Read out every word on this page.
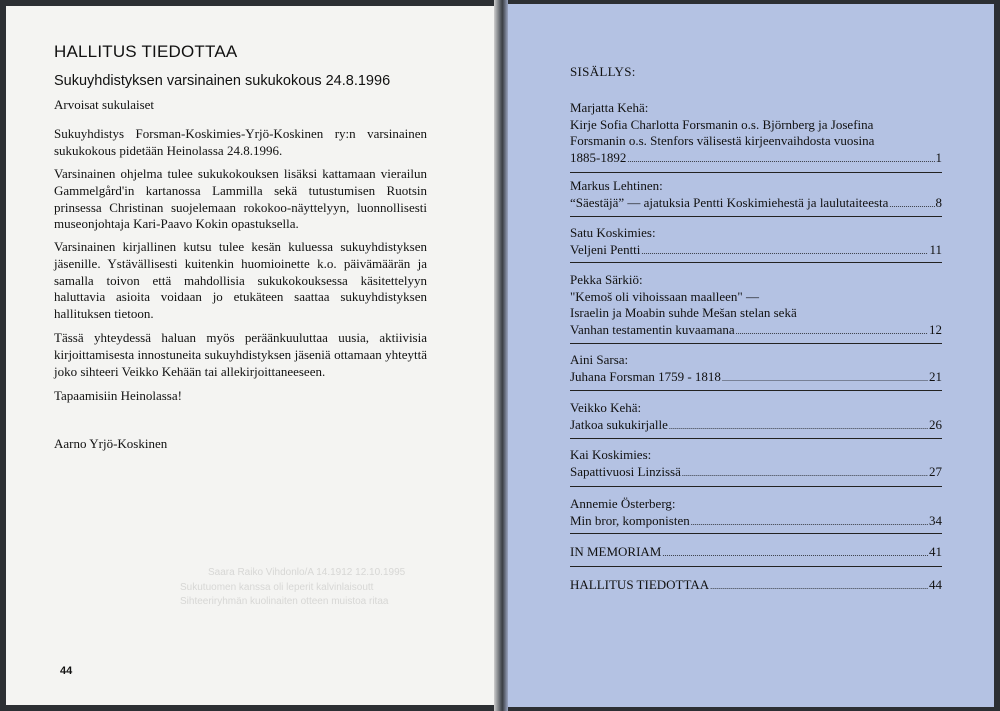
HALLITUS TIEDOTTAA
Sukuyhdistyksen varsinainen sukukokous 24.8.1996

Arvoisat sukulaiset

Sukuyhdistys Forsman-Koskimies-Yrjö-Koskinen ry:n varsinainen sukukokous pidetään Heinolassa 24.8.1996.

Varsinainen ohjelma tulee sukukokouksen lisäksi kattamaan vierailun Gammelgård'in kartanossa Lammilla sekä tutustumisen Ruotsin prinsessa Christinan suojelemaan rokokoo-näyttelyyn, luonnollisesti museonjohtaja Kari-Paavo Kokin opastuksella.

Varsinainen kirjallinen kutsu tulee kesän kuluessa sukuyhdistyksen jäsenille. Ystävällisesti kuitenkin huomioinette k.o. päivämäärän ja samalla toivon että mahdollisia sukukokouksessa käsitettelyyn haluttavia asioita voidaan jo etukäteen saattaa sukuyhdistyksen hallituksen tietoon.

Tässä yhteydessä haluan myös peräänkuuluttaa uusia, aktiivisia kirjoittamisesta innostuneita sukuyhdistyksen jäseniä ottamaan yhteyttä joko sihteeri Veikko Kehään tai allekirjoittaneeseen.

Tapaamisiin Heinolassa!

Aarno Yrjö-Koskinen

Saara Raiko Vihdonlo/A 14.1912 12.10.1995
Sukutuomen kanssa oli leperit kalvinlaisoutt
Sihteeriryhmän kuolinaiten otteen muistoa ritaa
44
SISÄLLYS:
Marjatta Kehä:
Kirje Sofia Charlotta Forsmanin o.s. Björnberg ja Josefina
Forsmanin o.s. Stenfors välisestä kirjeenvaihdosta vuosina
1885-1892 . . .	1
Markus Lehtinen:
“Säestäjä” — ajatuksia Pentti Koskimiehestä ja laulutaiteesta . . .	8
Satu Koskimies:
Veljeni Pentti . . .	11
Pekka Särkiö:
"Kemoš oli vihoissaan maalleen" —
Israelin ja Moabin suhde Mešan stelan sekä
Vanhan testamentin kuvaamana . . .	12
Aini Sarsa:
Juhana Forsman 1759 - 1818 . . .	21
Veikko Kehä:
Jatkoa sukukirjalle . . .	26
Kai Koskimies:
Sapattivuosi Linzissä . . .	27
Annemie Österberg:
Min bror, komponisten . . .	34
IN MEMORIAM . . .	41
HALLITUS TIEDOTTAA . . .	44
